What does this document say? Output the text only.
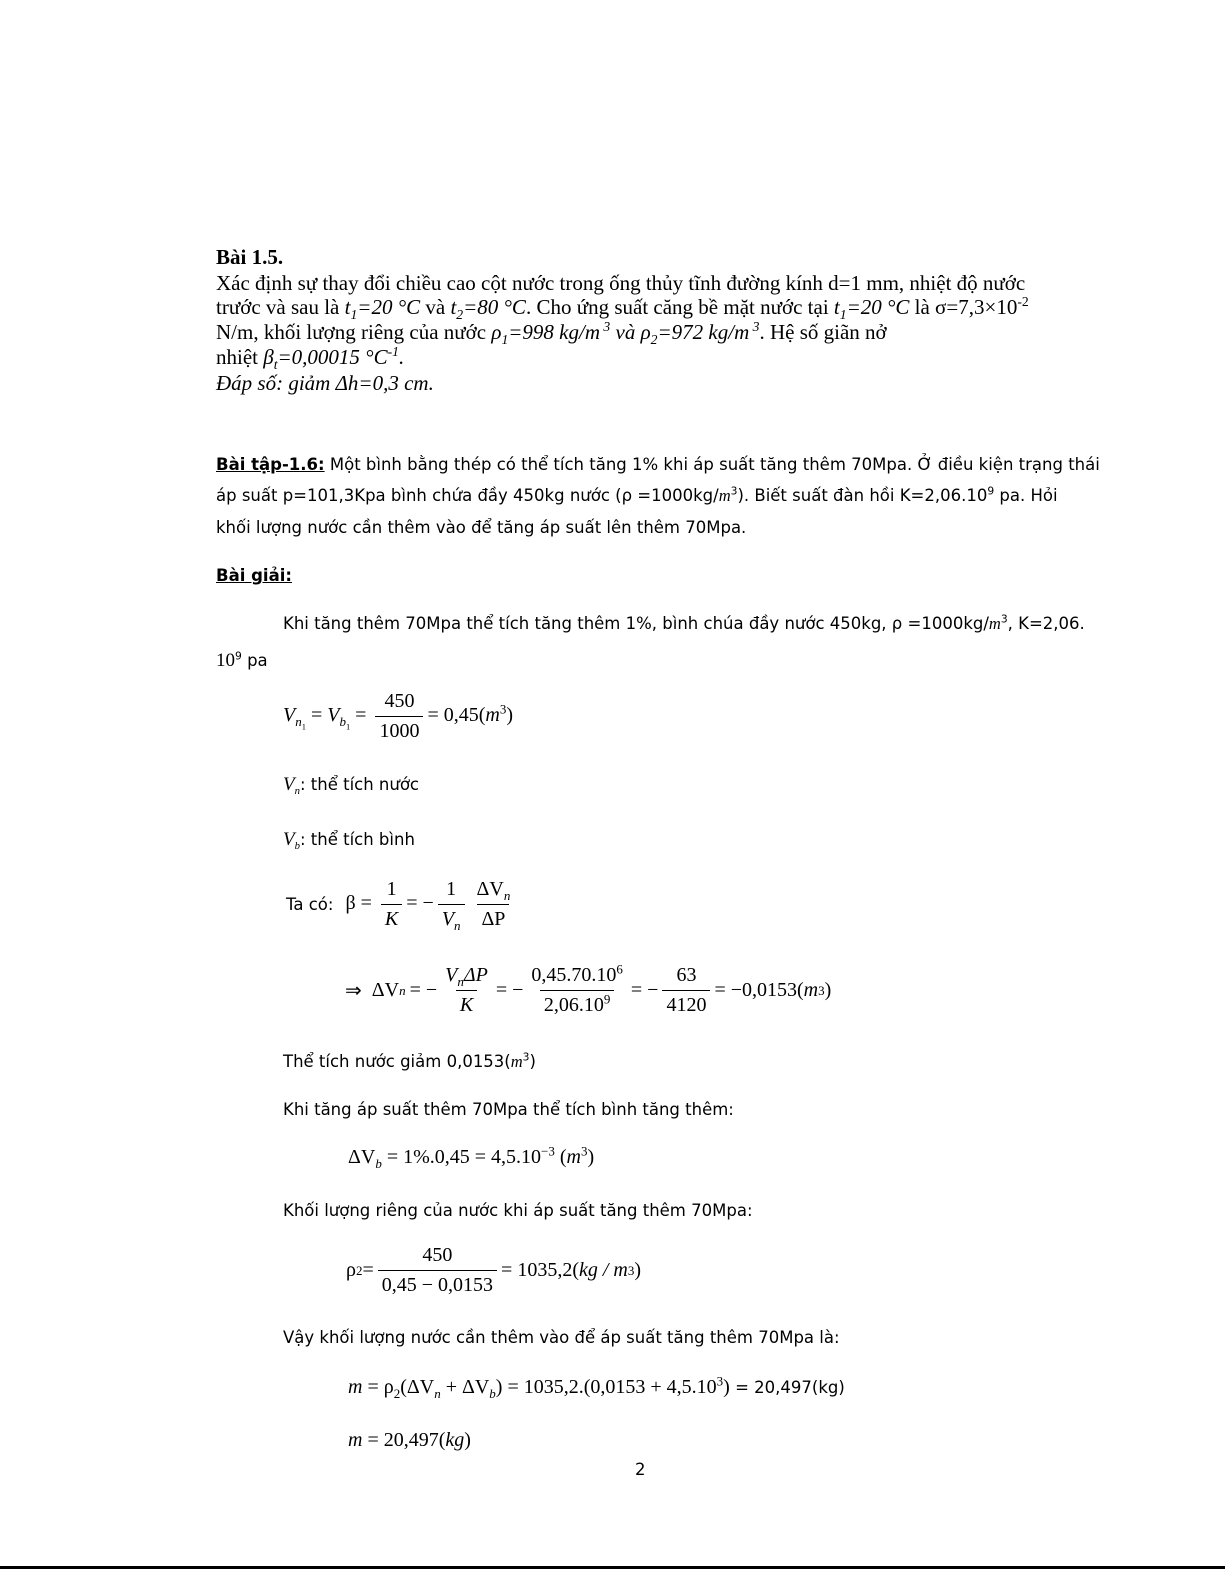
Bài 1.5.
Xác định sự thay đổi chiều cao cột nước trong ống thủy tĩnh đường kính d=1 mm, nhiệt độ nước
trước và sau là $t_1=20$ °C và $t_2=80$ °C. Cho ứng suất căng bề mặt nước tại $t_1=20$ °C là $\sigma=7,3\times 10^{-2}$
N/m, khối lượng riêng của nước $\rho_1=998$ kg/m $^3$ và $\rho_2=972$ kg/m $^3$. Hệ số giãn nở
nhiệt $\beta_t=0,00015$ $^\circ C^{-1}$.
Đáp số: giảm Δh=0,3 cm.
Bài tập-1.6: Một bình bằng thép có thể tích tăng 1% khi áp suất tăng thêm 70Mpa. Ở điều kiện trạng thái
áp suất p=101,3Kpa bình chứa đầy 450kg nước $(\rho =1000kg/m^3)$. Biết suất đàn hồi $K=2,06.10^9$ pa. Hỏi
khối lượng nước cần thêm vào để tăng áp suất lên thêm 70Mpa.
Bài giải:
Khi tăng thêm 70Mpa thể tích tăng thêm 1%, bình chúa đầy nước 450kg, $\rho =1000kg/m^3$, K=2,06.
$10^9$ pa
$V_{n_1} = V_{b_1} = \frac{450}{1000} = 0,45(m^3)$
$V_n$: thể tích nước
$V_b$: thể tích bình
Ta có: $\beta = \frac{1}{K}$ = − $\frac{1}{V_n} \frac{\Delta V_n}{\Delta P}$
⇒ ΔV n = − $\frac{V_n\Delta P}{K}$ = − $\frac{0,45.70.10^6}{2,06.10^9}$ = − $\frac{63}{4120} = -0,0153$( m 3 )
Thể tích nước giảm $0,0153(m^3)$
Khi tăng áp suất thêm 70Mpa thể tích bình tăng thêm:
$\Delta V_b = 1\%.0,45 = 4,5.10^{-3}$ $(m^3)$
Khối lượng riêng của nước khi áp suất tăng thêm 70Mpa:
ρ $2 = \frac{450}{0,45 - 0,0153} = 1035,2$( kg / m 3 )
Vậy khối lượng nước cần thêm vào để áp suất tăng thêm 70Mpa là:
$m = \rho_2(\Delta V_n + \Delta V_b) = 1035,2.(0,0153 + 4,5.10^3) = 20,497(kg)$
m = 20,497(kg)
2
